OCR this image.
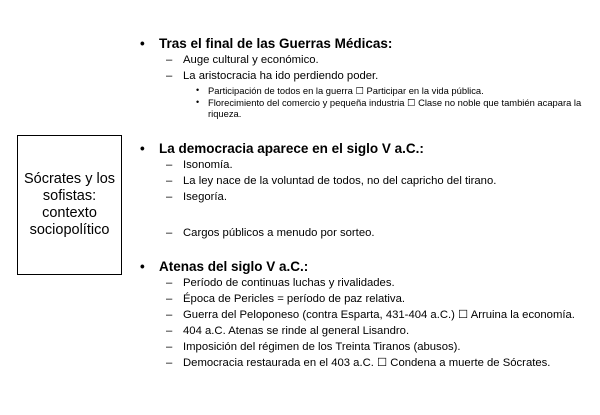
Sócrates y los sofistas: contexto sociopolítico
• Tras el final de las Guerras Médicas:
– Auge cultural y económico.
– La aristocracia ha ido perdiendo poder.
• Participación de todos en la guerra ☐ Participar en la vida pública.
• Florecimiento del comercio y pequeña industria ☐ Clase no noble que también acapara la riqueza.
• La democracia aparece en el siglo V a.C.:
– Isonomía.
– La ley nace de la voluntad de todos, no del capricho del tirano.
– Isegoría.
– Cargos públicos a menudo por sorteo.
• Atenas del siglo V a.C.:
– Período de continuas luchas y rivalidades.
– Época de Pericles = período de paz relativa.
– Guerra del Peloponeso (contra Esparta, 431-404 a.C.) ☐ Arruina la economía.
– 404 a.C. Atenas se rinde al general Lisandro.
– Imposición del régimen de los Treinta Tiranos (abusos).
– Democracia restaurada en el 403 a.C. ☐ Condena a muerte de Sócrates.
